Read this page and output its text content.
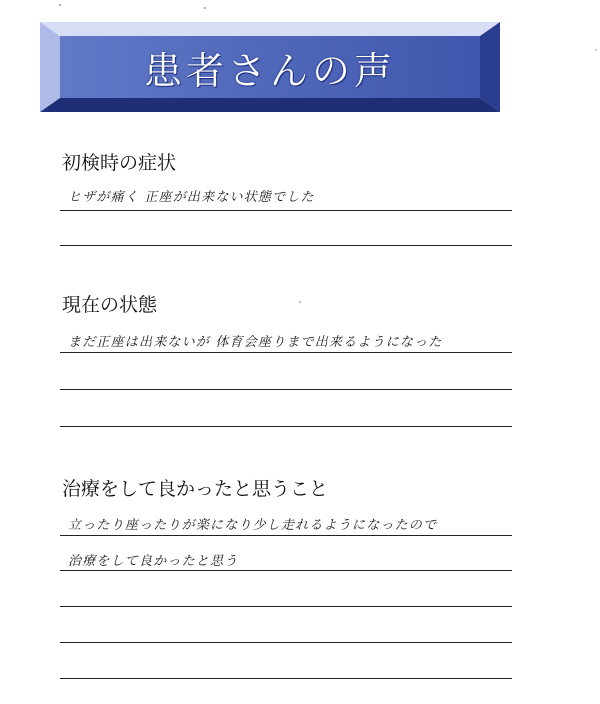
患者さんの声
初検時の症状
ヒザが痛く 正座が出来ない状態でした
現在の状態
まだ正座は出来ないが 体育会座りまで出来るようになった
治療をして良かったと思うこと
立ったり座ったりが楽になり少し走れるようになったので
治療をして良かったと思う
